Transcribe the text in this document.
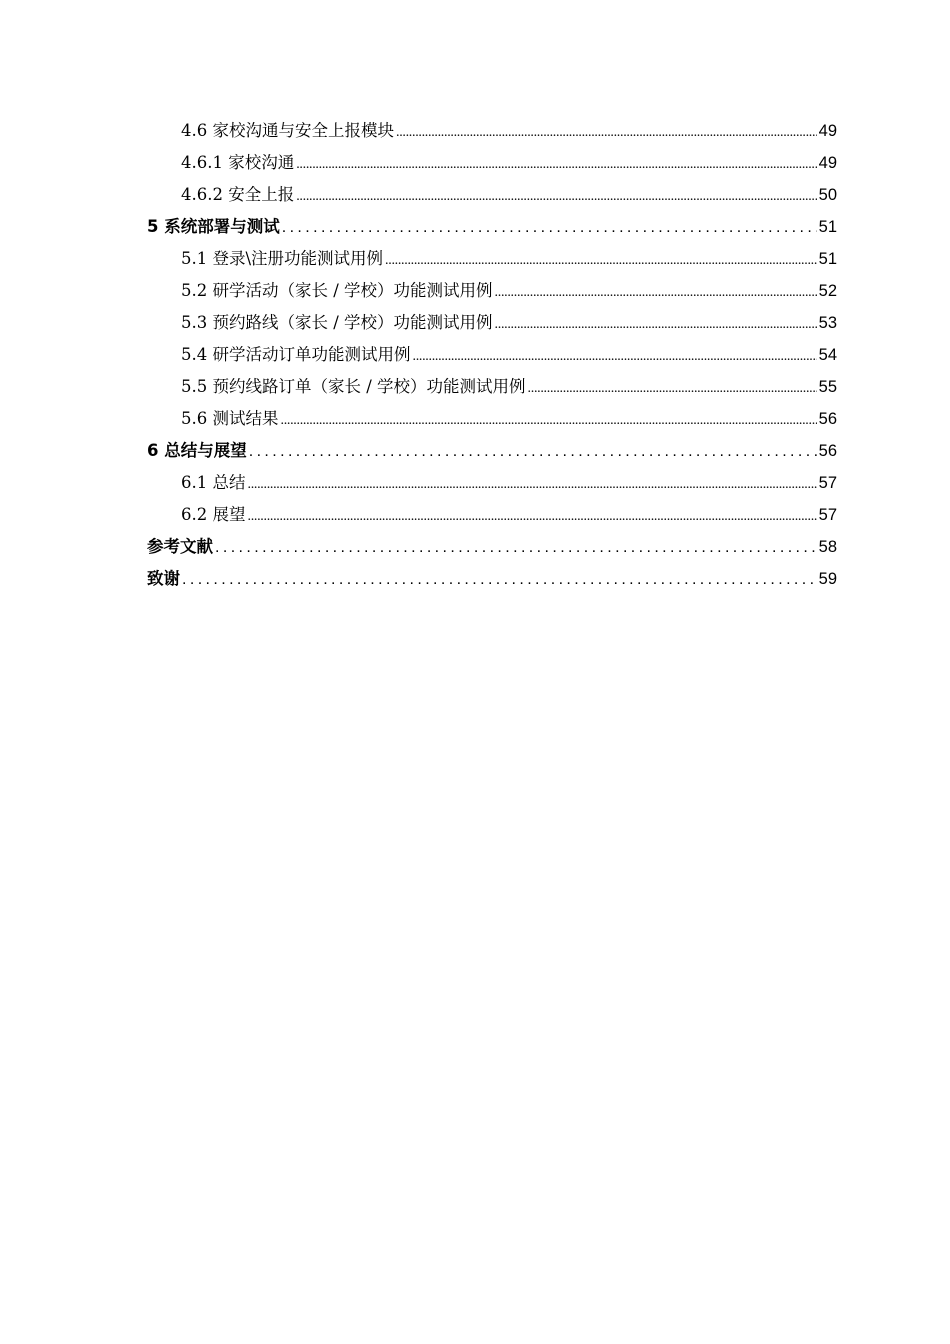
4.6 家校沟通与安全上报模块 .....	49
4.6.1 家校沟通 .....	49
4.6.2 安全上报 .....	50
5 系统部署与测试 .....	51
5.1 登录\注册功能测试用例 .....	51
5.2 研学活动（家长 / 学校）功能测试用例 .....	52
5.3 预约路线（家长 / 学校）功能测试用例 .....	53
5.4 研学活动订单功能测试用例 .....	54
5.5 预约线路订单（家长 / 学校）功能测试用例 .....	55
5.6 测试结果 .....	56
6 总结与展望 .....	56
6.1 总结 .....	57
6.2 展望 .....	57
参考文献 .....	58
致谢 .....	59
